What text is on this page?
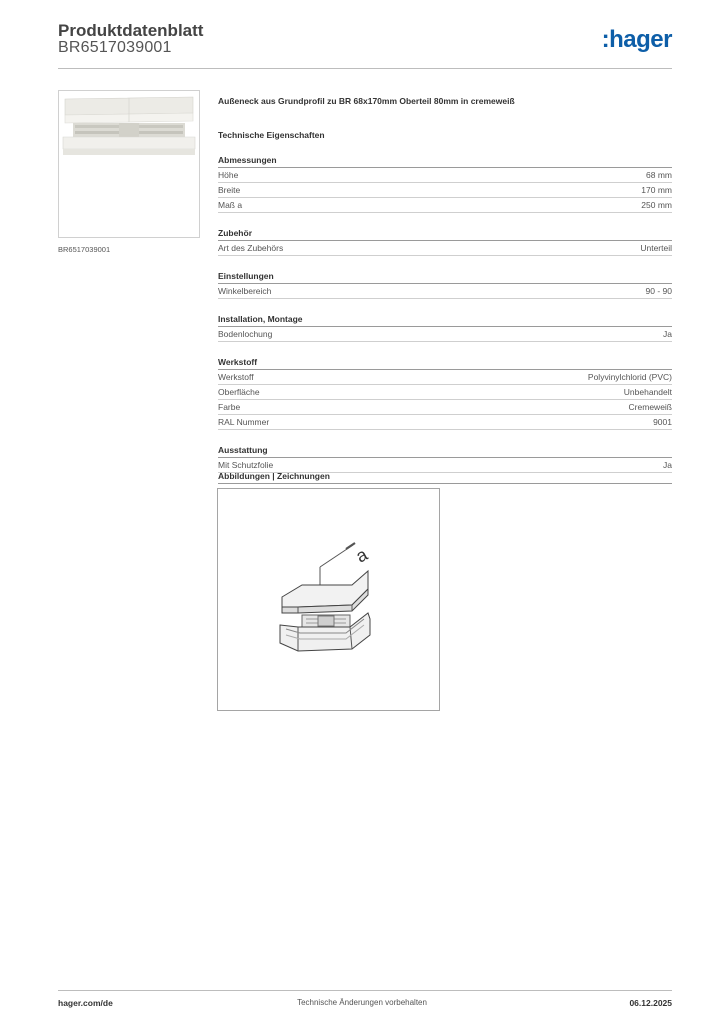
Produktdatenblatt
BR6517039001	:hager
BR6517039001
Außeneck aus Grundprofil zu BR 68x170mm Oberteil 80mm in cremeweiß
Technische Eigenschaften
Abmessungen
Höhe	68 mm
Breite	170 mm
Maß a	250 mm
Zubehör
Art des Zubehörs	Unterteil
Einstellungen
Winkelbereich	90 - 90
Installation, Montage
Bodenlochung	Ja
Werkstoff
Werkstoff	Polyvinylchlorid (PVC)
Oberfläche	Unbehandelt
Farbe	Cremeweiß
RAL Nummer	9001
Ausstattung
Mit Schutzfolie	Ja
Abbildungen | Zeichnungen
a
hager.com/de	Technische Änderungen vorbehalten	06.12.2025
